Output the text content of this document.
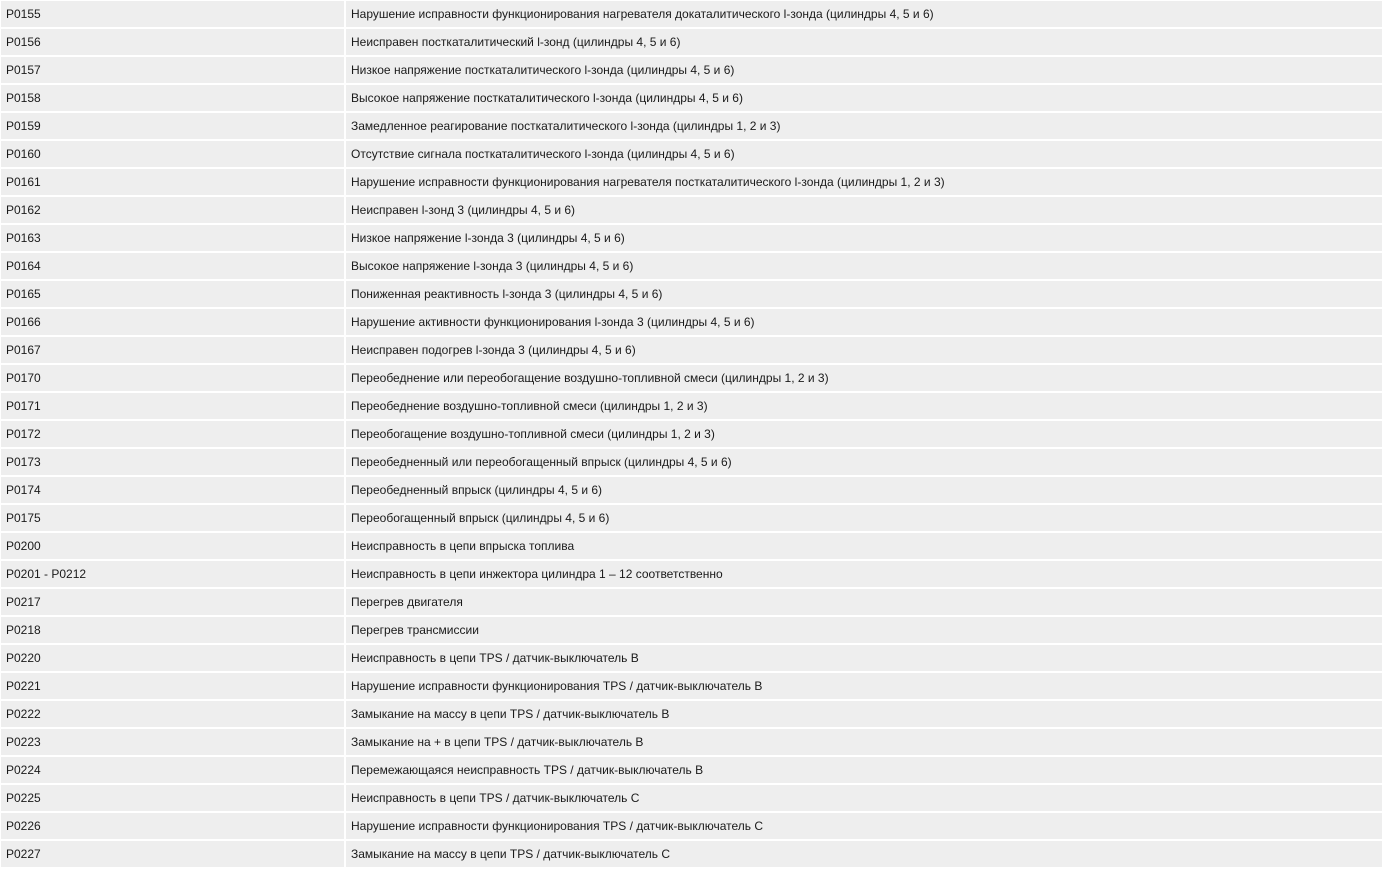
P0155	Нарушение исправности функционирования нагревателя докаталитического l-зонда (цилиндры 4, 5 и 6)
P0156	Неисправен посткаталитический l-зонд (цилиндры 4, 5 и 6)
P0157	Низкое напряжение посткаталитического l-зонда (цилиндры 4, 5 и 6)
P0158	Высокое напряжение посткаталитического l-зонда (цилиндры 4, 5 и 6)
P0159	Замедленное реагирование посткаталитического l-зонда (цилиндры 1, 2 и 3)
P0160	Отсутствие сигнала посткаталитического l-зонда (цилиндры 4, 5 и 6)
P0161	Нарушение исправности функционирования нагревателя посткаталитического l-зонда (цилиндры 1, 2 и 3)
P0162	Неисправен l-зонд 3 (цилиндры 4, 5 и 6)
P0163	Низкое напряжение l-зонда 3 (цилиндры 4, 5 и 6)
P0164	Высокое напряжение l-зонда 3 (цилиндры 4, 5 и 6)
P0165	Пониженная реактивность l-зонда 3 (цилиндры 4, 5 и 6)
P0166	Нарушение активности функционирования l-зонда 3 (цилиндры 4, 5 и 6)
P0167	Неисправен подогрев l-зонда 3 (цилиндры 4, 5 и 6)
P0170	Переобеднение или переобогащение воздушно-топливной смеси (цилиндры 1, 2 и 3)
P0171	Переобеднение воздушно-топливной смеси (цилиндры 1, 2 и 3)
P0172	Переобогащение воздушно-топливной смеси (цилиндры 1, 2 и 3)
P0173	Переобедненный или переобогащенный впрыск (цилиндры 4, 5 и 6)
P0174	Переобедненный впрыск (цилиндры 4, 5 и 6)
P0175	Переобогащенный впрыск (цилиндры 4, 5 и 6)
P0200	Неисправность в цепи впрыска топлива
P0201 - P0212	Неисправность в цепи инжектора цилиндра 1 – 12 соответственно
P0217	Перегрев двигателя
P0218	Перегрев трансмиссии
P0220	Неисправность в цепи TPS / датчик-выключатель B
P0221	Нарушение исправности функционирования TPS / датчик-выключатель B
P0222	Замыкание на массу в цепи TPS / датчик-выключатель B
P0223	Замыкание на + в цепи TPS / датчик-выключатель B
P0224	Перемежающаяся неисправность TPS / датчик-выключатель B
P0225	Неисправность в цепи TPS / датчик-выключатель C
P0226	Нарушение исправности функционирования TPS / датчик-выключатель C
P0227	Замыкание на массу в цепи TPS / датчик-выключатель C
